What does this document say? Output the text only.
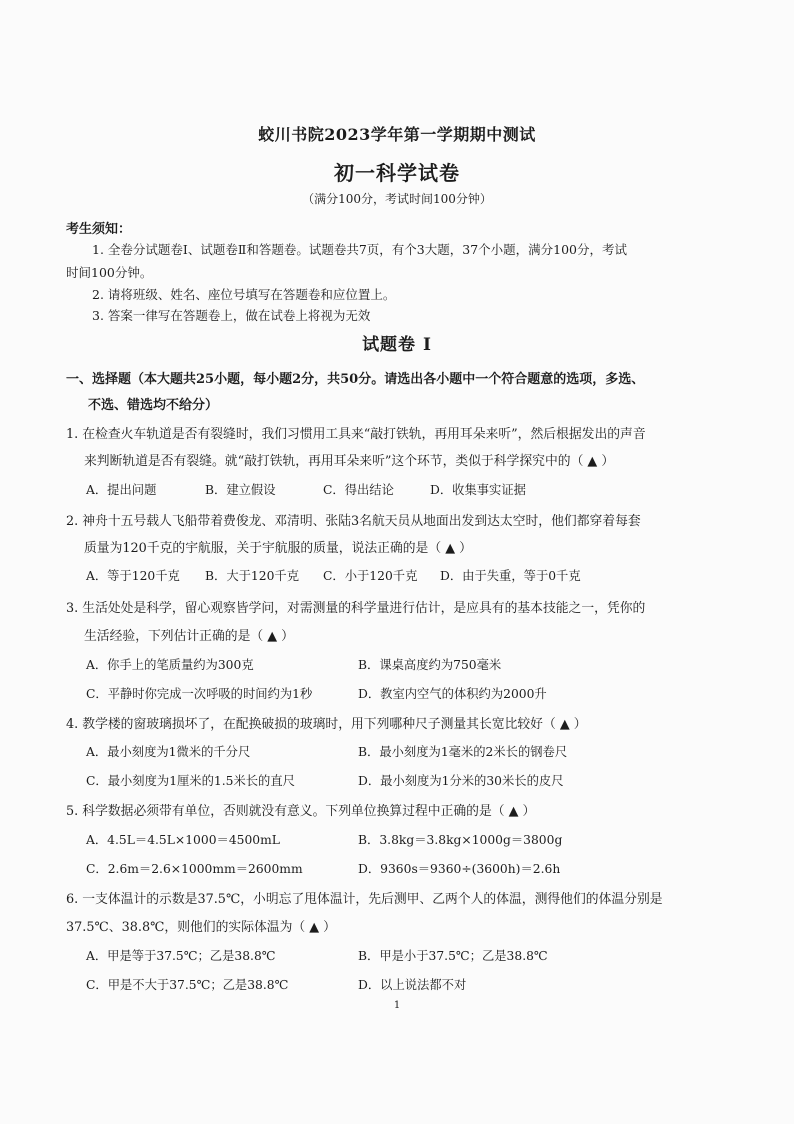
蛟川书院2023学年第一学期期中测试
初一科学试卷
（满分100分，考试时间100分钟）
考生须知：
1. 全卷分试题卷Ⅰ、试题卷Ⅱ和答题卷。试题卷共7页，有个3大题，37个小题，满分100分，考试
时间100分钟。
2. 请将班级、姓名、座位号填写在答题卷和应位置上。
3. 答案一律写在答题卷上，做在试卷上将视为无效
试题卷 Ⅰ
一、选择题（本大题共25小题，每小题2分，共50分。请选出各小题中一个符合题意的选项，多选、
不选、错选均不给分）
1. 在检查火车轨道是否有裂缝时，我们习惯用工具来“敲打铁轨，再用耳朵来听”，然后根据发出的声音
来判断轨道是否有裂缝。就“敲打铁轨，再用耳朵来听”这个环节，类似于科学探究中的（ ▲ ）
A．提出问题	B．建立假设	C．得出结论	D．收集事实证据
2. 神舟十五号载人飞船带着费俊龙、邓清明、张陆3名航天员从地面出发到达太空时，他们都穿着每套
质量为120千克的宇航服，关于宇航服的质量，说法正确的是（ ▲ ）
A．等于120千克 B．大于120千克 C．小于120千克 D．由于失重，等于0千克
3. 生活处处是科学，留心观察皆学问，对需测量的科学量进行估计，是应具有的基本技能之一，凭你的
生活经验，下列估计正确的是（ ▲ ）
A．你手上的笔质量约为300克	B．课桌高度约为750毫米
C．平静时你完成一次呼吸的时间约为1秒	D．教室内空气的体积约为2000升
4. 教学楼的窗玻璃损坏了，在配换破损的玻璃时，用下列哪种尺子测量其长宽比较好（ ▲ ）
A．最小刻度为1微米的千分尺	B．最小刻度为1毫米的2米长的钢卷尺
C．最小刻度为1厘米的1.5米长的直尺	D．最小刻度为1分米的30米长的皮尺
5. 科学数据必须带有单位，否则就没有意义。下列单位换算过程中正确的是（ ▲ ）
A．4.5L＝4.5L×1000＝4500mL	B．3.8kg＝3.8kg×1000g＝3800g
C．2.6m＝2.6×1000mm＝2600mm	D．9360s＝9360÷(3600h)＝2.6h
6. 一支体温计的示数是37.5℃，小明忘了甩体温计，先后测甲、乙两个人的体温，测得他们的体温分别是
37.5℃、38.8℃，则他们的实际体温为（ ▲ ）
A．甲是等于37.5℃；乙是38.8℃	B．甲是小于37.5℃；乙是38.8℃
C．甲是不大于37.5℃；乙是38.8℃	D．以上说法都不对
1
